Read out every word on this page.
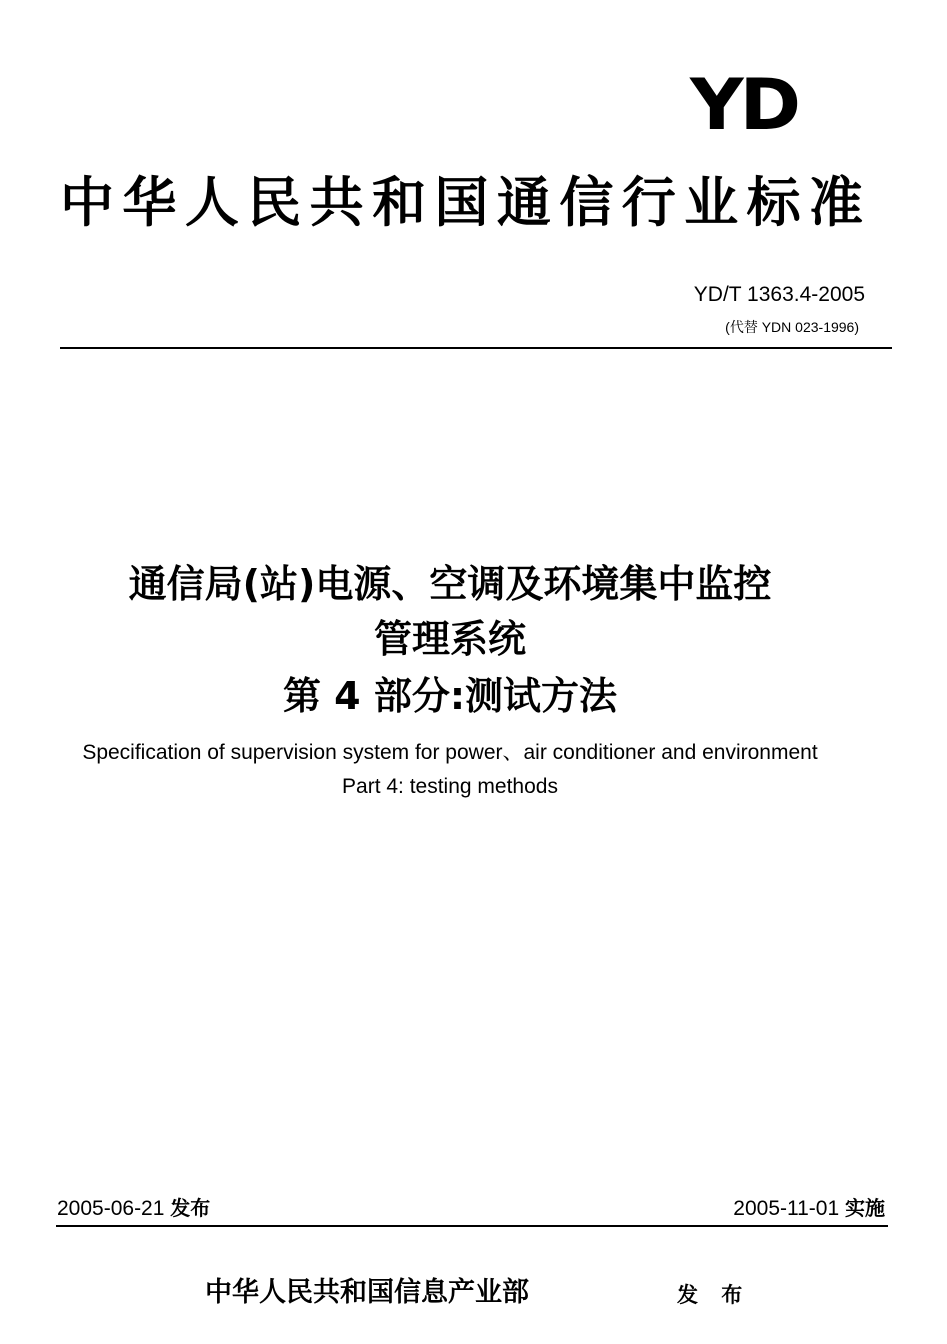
YD
中华人民共和国通信行业标准
YD/T 1363.4-2005
(代替 YDN 023-1996)
通信局(站)电源、空调及环境集中监控
管理系统
第 4 部分:测试方法
Specification of supervision system for power、air conditioner and environment
Part 4: testing methods
2005-06-21 发布	2005-11-01 实施
中华人民共和国信息产业部	发 布
